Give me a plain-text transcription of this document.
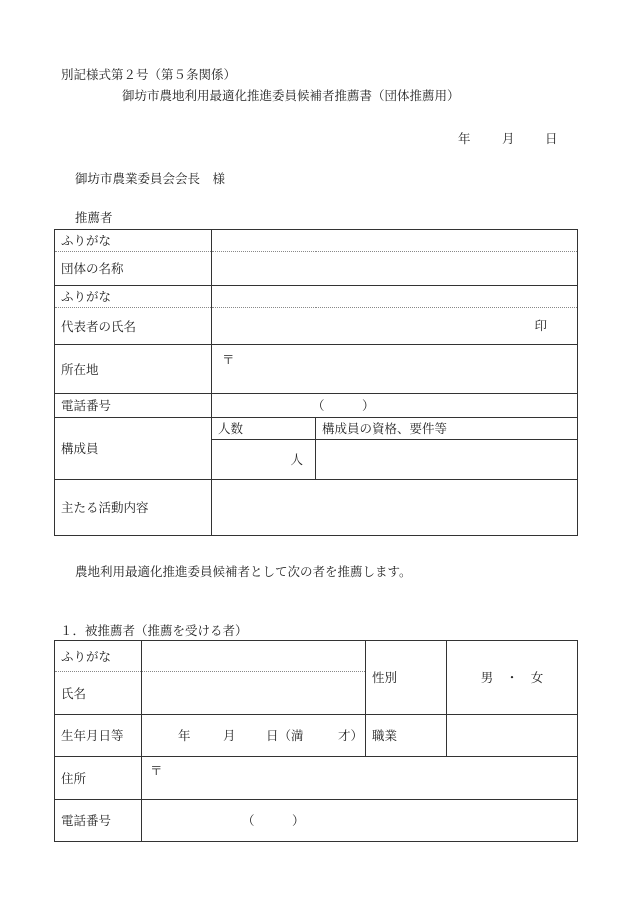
別記様式第２号（第５条関係）
御坊市農地利用最適化推進委員候補者推薦書（団体推薦用）
年	月 日
御坊市農業委員会会長　様
推薦者
ふりがな		
団体の名称		
ふりがな		
代表者の氏名	印	

所在地	〒	
電話番号	（　　　）	
構成員	人数	構成員の資格、要件等
	人	
主たる活動内容		
農地利用最適化推進委員候補者として次の者を推薦します。
１．被推薦者（推薦を受ける者）
ふりがな		性別	男　・　女
氏名			
生年月日等	年 月 日（満 才）	職業	
住所	〒		
電話番号	（　　　）		
